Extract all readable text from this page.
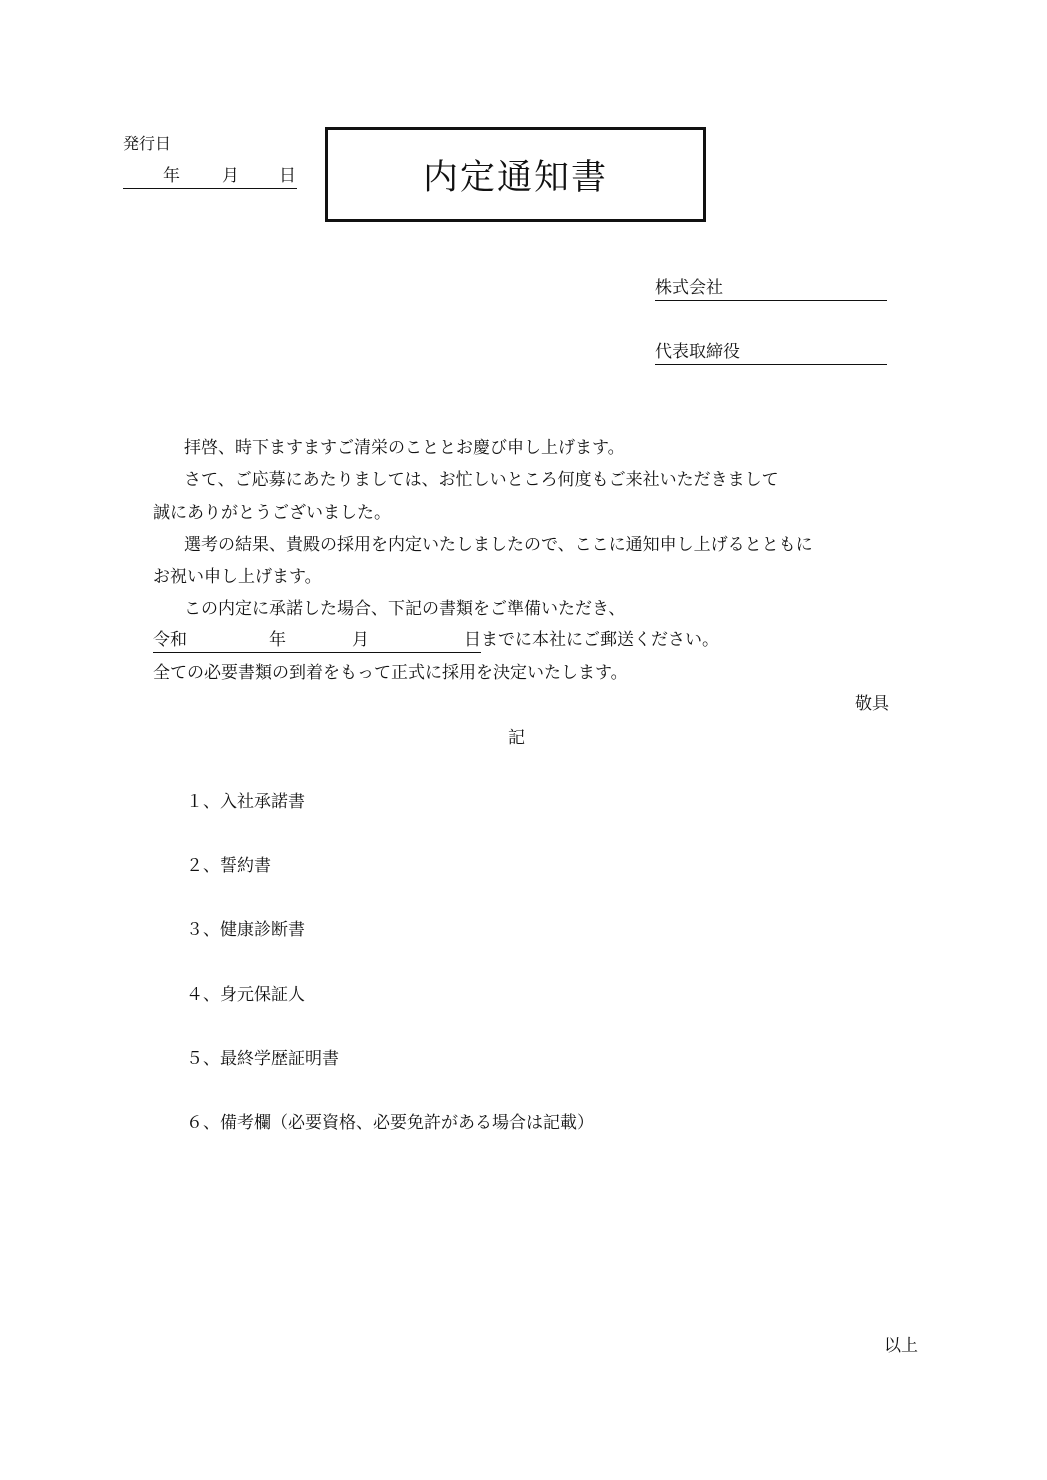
発行日
年 月 日	内定通知書
株式会社
代表取締役
拝啓、時下ますますご清栄のこととお慶び申し上げます。
さて、ご応募にあたりましては、お忙しいところ何度もご来社いただきまして
誠にありがとうございました。
選考の結果、貴殿の採用を内定いたしましたので、ここに通知申し上げるとともに
お祝い申し上げます。
この内定に承諾した場合、下記の書類をご準備いただき、
令和	年	月	日 までに本社にご郵送ください。
全ての必要書類の到着をもって正式に採用を決定いたします。
敬具
記
１、入社承諾書
２、誓約書
３、健康診断書
４、身元保証人
５、最終学歴証明書
６、備考欄（必要資格、必要免許がある場合は記載）
以上
